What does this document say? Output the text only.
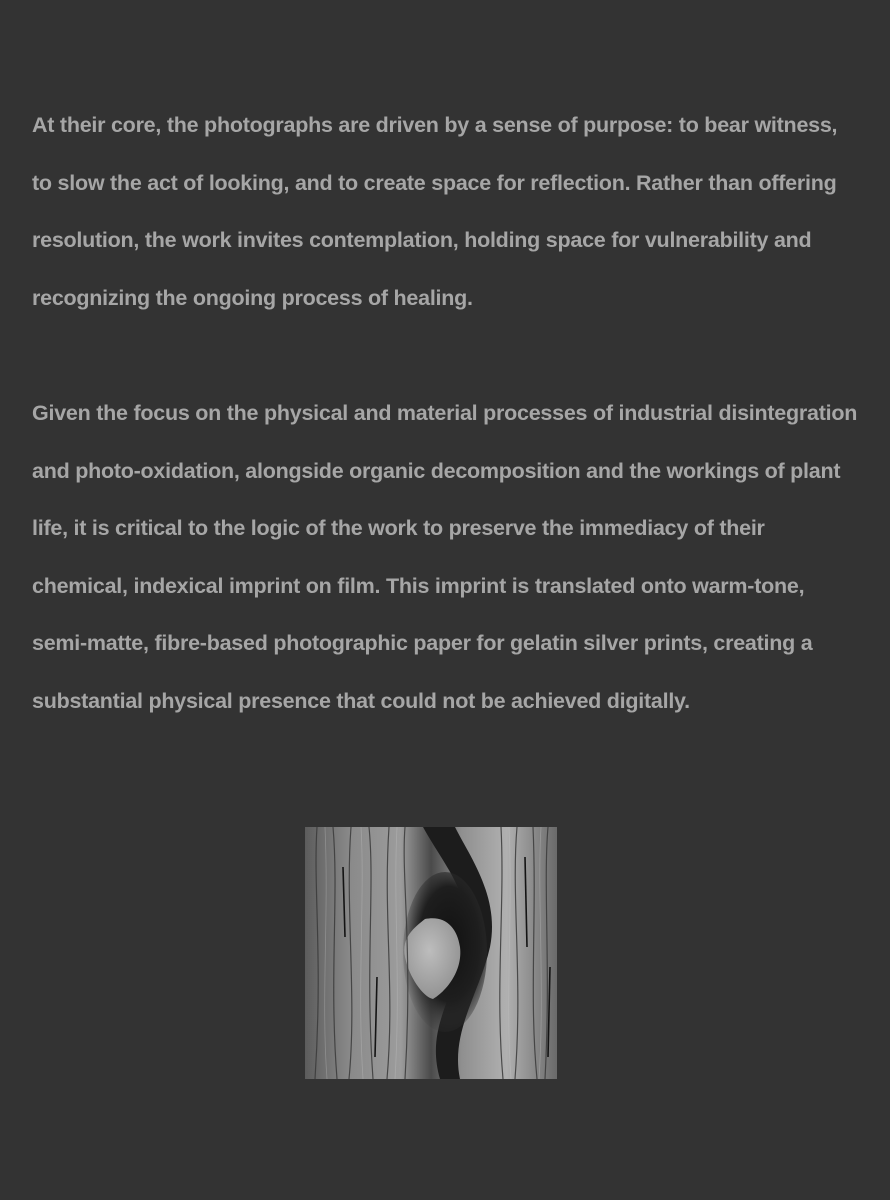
At their core, the photographs are driven by a sense of purpose: to bear witness, to slow the act of looking, and to create space for reflection. Rather than offering resolution, the work invites contemplation, holding space for vulnerability and recognizing the ongoing process of healing.

Given the focus on the physical and material processes of industrial disintegration and photo-oxidation, alongside organic decomposition and the workings of plant life, it is critical to the logic of the work to preserve the immediacy of their chemical, indexical imprint on film. This imprint is translated onto warm-tone, semi-matte, fibre-based photographic paper for gelatin silver prints, creating a substantial physical presence that could not be achieved digitally.
